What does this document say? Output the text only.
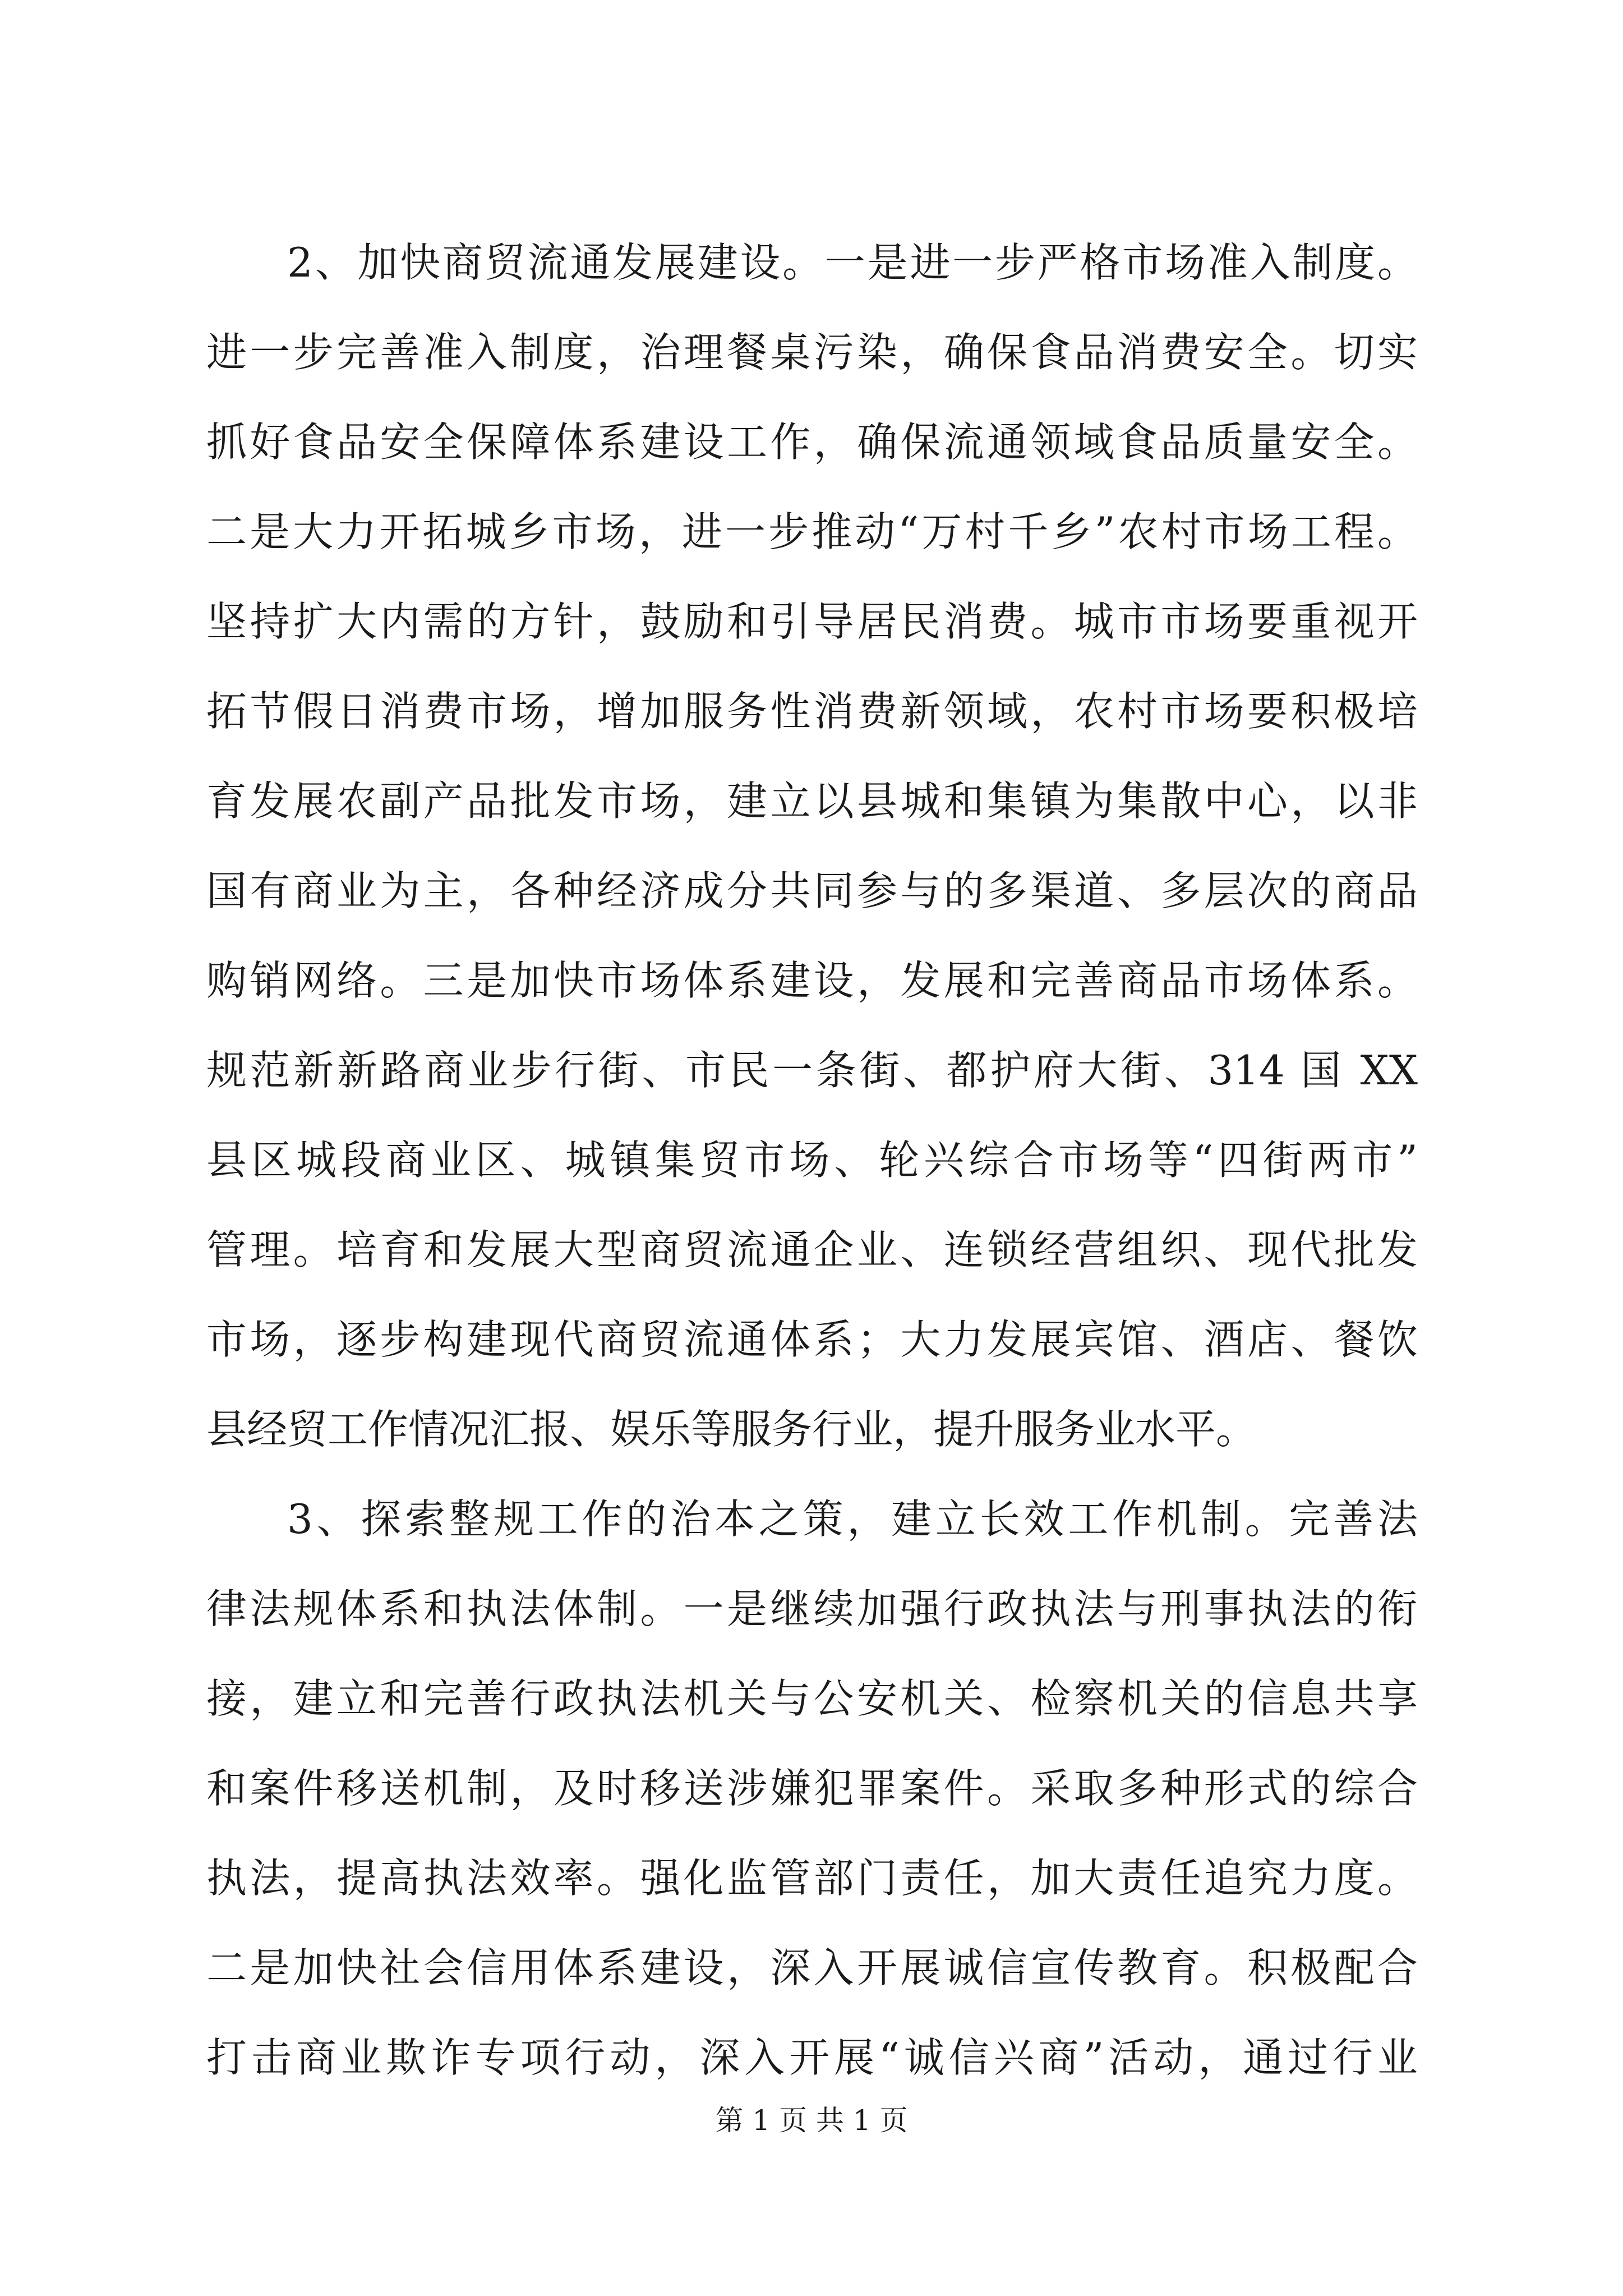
2、加快商贸流通发展建设。一是进一步严格市场准入制度。
进一步完善准入制度，治理餐桌污染，确保食品消费安全。切实
抓好食品安全保障体系建设工作，确保流通领域食品质量安全。
二是大力开拓城乡市场，进一步推动“万村千乡”农村市场工程。
坚持扩大内需的方针，鼓励和引导居民消费。城市市场要重视开
拓节假日消费市场，增加服务性消费新领域，农村市场要积极培
育发展农副产品批发市场，建立以县城和集镇为集散中心，以非
国有商业为主，各种经济成分共同参与的多渠道、多层次的商品
购销网络。三是加快市场体系建设，发展和完善商品市场体系。
规范新新路商业步行街、市民一条街、都护府大街、314 国 XX
县区城段商业区、城镇集贸市场、轮兴综合市场等“四街两市”
管理。培育和发展大型商贸流通企业、连锁经营组织、现代批发
市场，逐步构建现代商贸流通体系；大力发展宾馆、酒店、餐饮
县经贸工作情况汇报、娱乐等服务行业，提升服务业水平。
3、探索整规工作的治本之策，建立长效工作机制。完善法
律法规体系和执法体制。一是继续加强行政执法与刑事执法的衔
接，建立和完善行政执法机关与公安机关、检察机关的信息共享
和案件移送机制，及时移送涉嫌犯罪案件。采取多种形式的综合
执法，提高执法效率。强化监管部门责任，加大责任追究力度。
二是加快社会信用体系建设，深入开展诚信宣传教育。积极配合
打击商业欺诈专项行动，深入开展“诚信兴商”活动，通过行业
第 1 页 共 1 页
